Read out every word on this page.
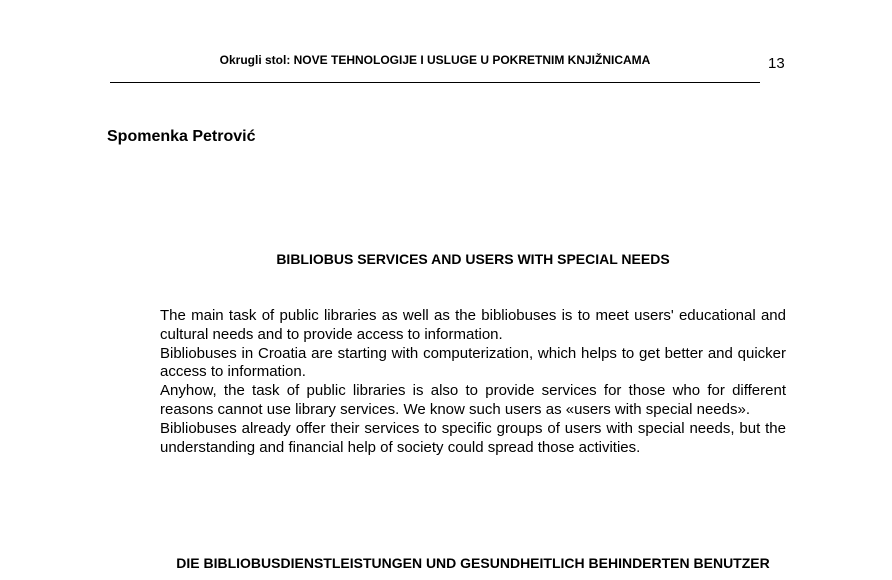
Okrugli stol: NOVE TEHNOLOGIJE I USLUGE U POKRETNIM KNJIŽNICAMA	13
Spomenka Petrović
BIBLIOBUS SERVICES AND USERS WITH SPECIAL NEEDS

The main task of public libraries as well as the bibliobuses is to meet users' educational and cultural needs and to provide access to information.

Bibliobuses in Croatia are starting with computerization, which helps to get better and quicker access to information.

Anyhow, the task of public libraries is also to provide services for those who for different reasons cannot use library services. We know such users as «users with special needs».

Bibliobuses already offer their services to specific groups of users with special needs, but the understanding and financial help of society could spread those activities.

DIE BIBLIOBUSDIENSTLEISTUNGEN UND GESUNDHEITLICH BEHINDERTEN BENUTZER
